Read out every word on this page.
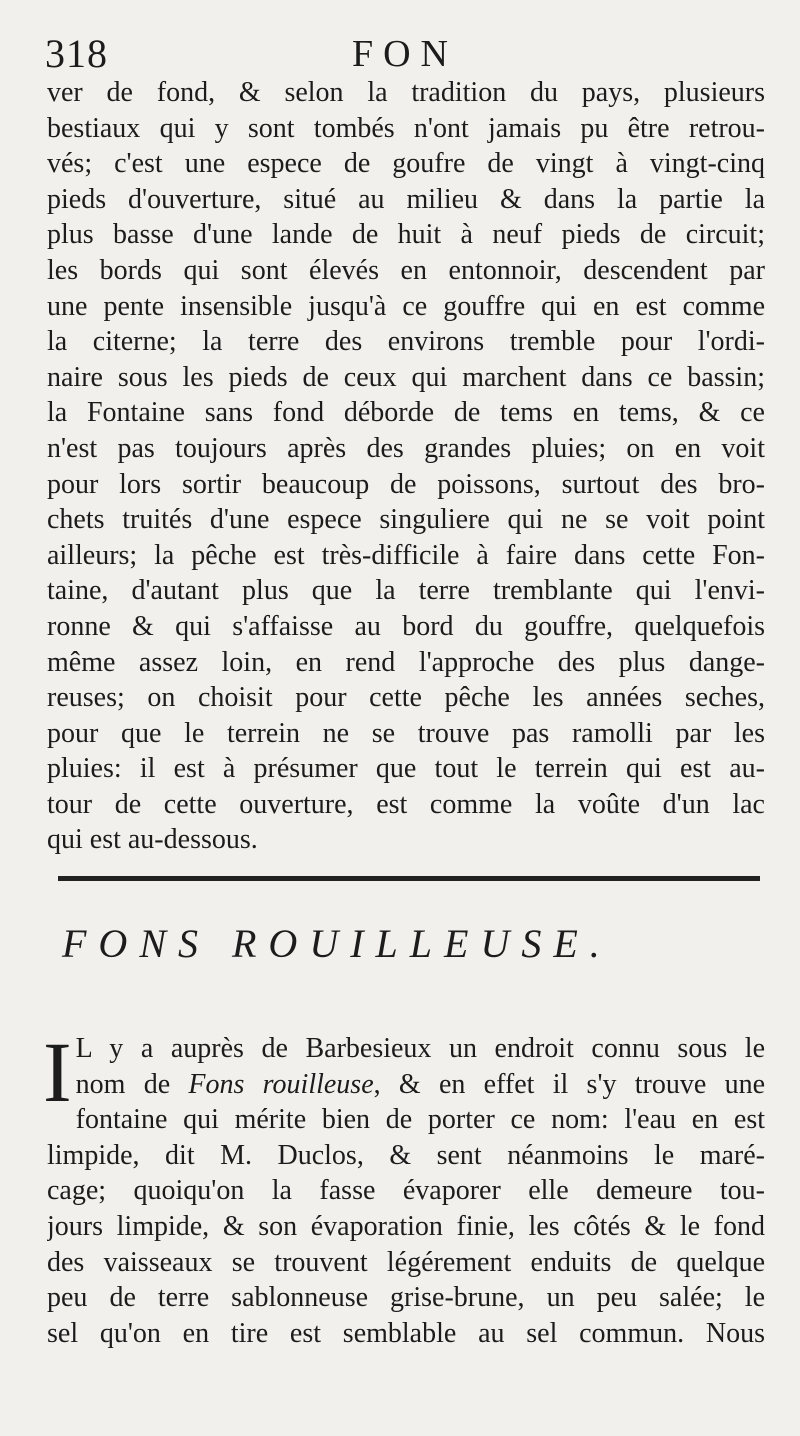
318	FON
ver de fond, & selon la tradition du pays, plusieurs
bestiaux qui y sont tombés n'ont jamais pu être retrou-
vés; c'est une espece de goufre de vingt à vingt-cinq
pieds d'ouverture, situé au milieu & dans la partie la
plus basse d'une lande de huit à neuf pieds de circuit;
les bords qui sont élevés en entonnoir, descendent par
une pente insensible jusqu'à ce gouffre qui en est comme
la citerne; la terre des environs tremble pour l'ordi-
naire sous les pieds de ceux qui marchent dans ce bassin;
la Fontaine sans fond déborde de tems en tems, & ce
n'est pas toujours après des grandes pluies; on en voit
pour lors sortir beaucoup de poissons, surtout des bro-
chets truités d'une espece singuliere qui ne se voit point
ailleurs; la pêche est très-difficile à faire dans cette Fon-
taine, d'autant plus que la terre tremblante qui l'envi-
ronne & qui s'affaisse au bord du gouffre, quelquefois
même assez loin, en rend l'approche des plus dange-
reuses; on choisit pour cette pêche les années seches,
pour que le terrein ne se trouve pas ramolli par les
pluies: il est à présumer que tout le terrein qui est au-
tour de cette ouverture, est comme la voûte d'un lac
qui est au-dessous.
FONS ROUILLEUSE.
I L y a auprès de Barbesieux un endroit connu sous le
nom de Fons rouilleuse, & en effet il s'y trouve une
fontaine qui mérite bien de porter ce nom: l'eau en est
limpide, dit M. Duclos, & sent néanmoins le maré-
cage; quoiqu'on la fasse évaporer elle demeure tou-
jours limpide, & son évaporation finie, les côtés & le fond
des vaisseaux se trouvent légérement enduits de quelque
peu de terre sablonneuse grise-brune, un peu salée; le
sel qu'on en tire est semblable au sel commun. Nous
